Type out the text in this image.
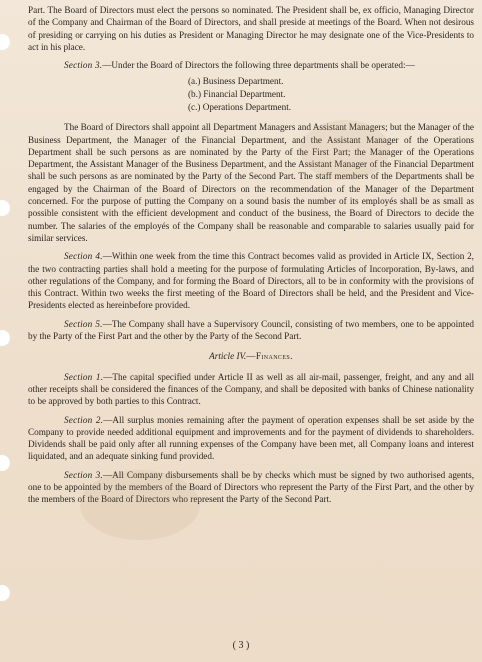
Part. The Board of Directors must elect the persons so nominated. The President shall be, ex officio, Managing Director of the Company and Chairman of the Board of Directors, and shall preside at meetings of the Board. When not desirous of presiding or carrying on his duties as President or Managing Director he may designate one of the Vice-Presidents to act in his place.

Section 3.—Under the Board of Directors the following three departments shall be operated:—

(a.) Business Department.
(b.) Financial Department.
(c.) Operations Department.

The Board of Directors shall appoint all Department Managers and Assistant Managers; but the Manager of the Business Department, the Manager of the Financial Department, and the Assistant Manager of the Operations Department shall be such persons as are nominated by the Party of the First Part; the Manager of the Operations Department, the Assistant Manager of the Business Department, and the Assistant Manager of the Financial Department shall be such persons as are nominated by the Party of the Second Part. The staff members of the Departments shall be engaged by the Chairman of the Board of Directors on the recommendation of the Manager of the Department concerned. For the purpose of putting the Company on a sound basis the number of its employés shall be as small as possible consistent with the efficient development and conduct of the business, the Board of Directors to decide the number. The salaries of the employés of the Company shall be reasonable and comparable to salaries usually paid for similar services.

Section 4.—Within one week from the time this Contract becomes valid as provided in Article IX, Section 2, the two contracting parties shall hold a meeting for the purpose of formulating Articles of Incorporation, By-laws, and other regulations of the Company, and for forming the Board of Directors, all to be in conformity with the provisions of this Contract. Within two weeks the first meeting of the Board of Directors shall be held, and the President and Vice-Presidents elected as hereinbefore provided.

Section 5.—The Company shall have a Supervisory Council, consisting of two members, one to be appointed by the Party of the First Part and the other by the Party of the Second Part.

Article IV.—Finances.

Section 1.—The capital specified under Article II as well as all air-mail, passenger, freight, and any and all other receipts shall be considered the finances of the Company, and shall be deposited with banks of Chinese nationality to be approved by both parties to this Contract.

Section 2.—All surplus monies remaining after the payment of operation expenses shall be set aside by the Company to provide needed additional equipment and improvements and for the payment of dividends to shareholders. Dividends shall be paid only after all running expenses of the Company have been met, all Company loans and interest liquidated, and an adequate sinking fund provided.

Section 3.—All Company disbursements shall be by checks which must be signed by two authorised agents, one to be appointed by the members of the Board of Directors who represent the Party of the First Part, and the other by the members of the Board of Directors who represent the Party of the Second Part.

( 3 )
